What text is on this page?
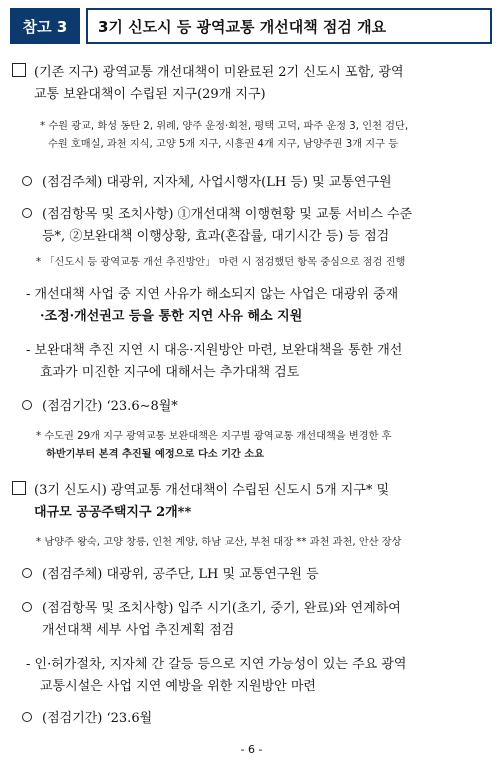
참고 3	3기 신도시 등 광역교통 개선대책 점검 개요
(기존 지구) 광역교통 개선대책이 미완료된 2기 신도시 포함, 광역
교통 보완대책이 수립된 지구(29개 지구)
* 수원 광교, 화성 동탄 2, 위례, 양주 운정·회천, 평택 고덕, 파주 운정 3, 인천 검단,
수원 호매실, 과천 지식, 고양 5개 지구, 시흥권 4개 지구, 남양주권 3개 지구 등
(점검주체) 대광위, 지자체, 사업시행자(LH 등) 및 교통연구원
(점검항목 및 조치사항) ①개선대책 이행현황 및 교통 서비스 수준
등*, ②보완대책 이행상황, 효과(혼잡률, 대기시간 등) 등 점검
* 「신도시 등 광역교통 개선 추진방안」 마련 시 점검했던 항목 중심으로 점검 진행
- 개선대책 사업 중 지연 사유가 해소되지 않는 사업은 대광위 중재
·조정·개선권고 등을 통한 지연 사유 해소 지원
- 보완대책 추진 지연 시 대응·지원방안 마련, 보완대책을 통한 개선
효과가 미진한 지구에 대해서는 추가대책 검토
(점검기간) ‘23.6∼8월*
* 수도권 29개 지구 광역교통 보완대책은 지구별 광역교통 개선대책을 변경한 후
하반기부터 본격 추진될 예정으로 다소 기간 소요
(3기 신도시) 광역교통 개선대책이 수립된 신도시 5개 지구* 및
대규모 공공주택지구 2개**
* 남양주 왕숙, 고양 창릉, 인천 계양, 하남 교산, 부천 대장 ** 과천 과천, 안산 장상
(점검주체) 대광위, 공주단, LH 및 교통연구원 등
(점검항목 및 조치사항) 입주 시기(초기, 중기, 완료)와 연계하여
개선대책 세부 사업 추진계획 점검
- 인·허가절차, 지자체 간 갈등 등으로 지연 가능성이 있는 주요 광역
교통시설은 사업 지연 예방을 위한 지원방안 마련
(점검기간) ‘23.6월
- 6 -
